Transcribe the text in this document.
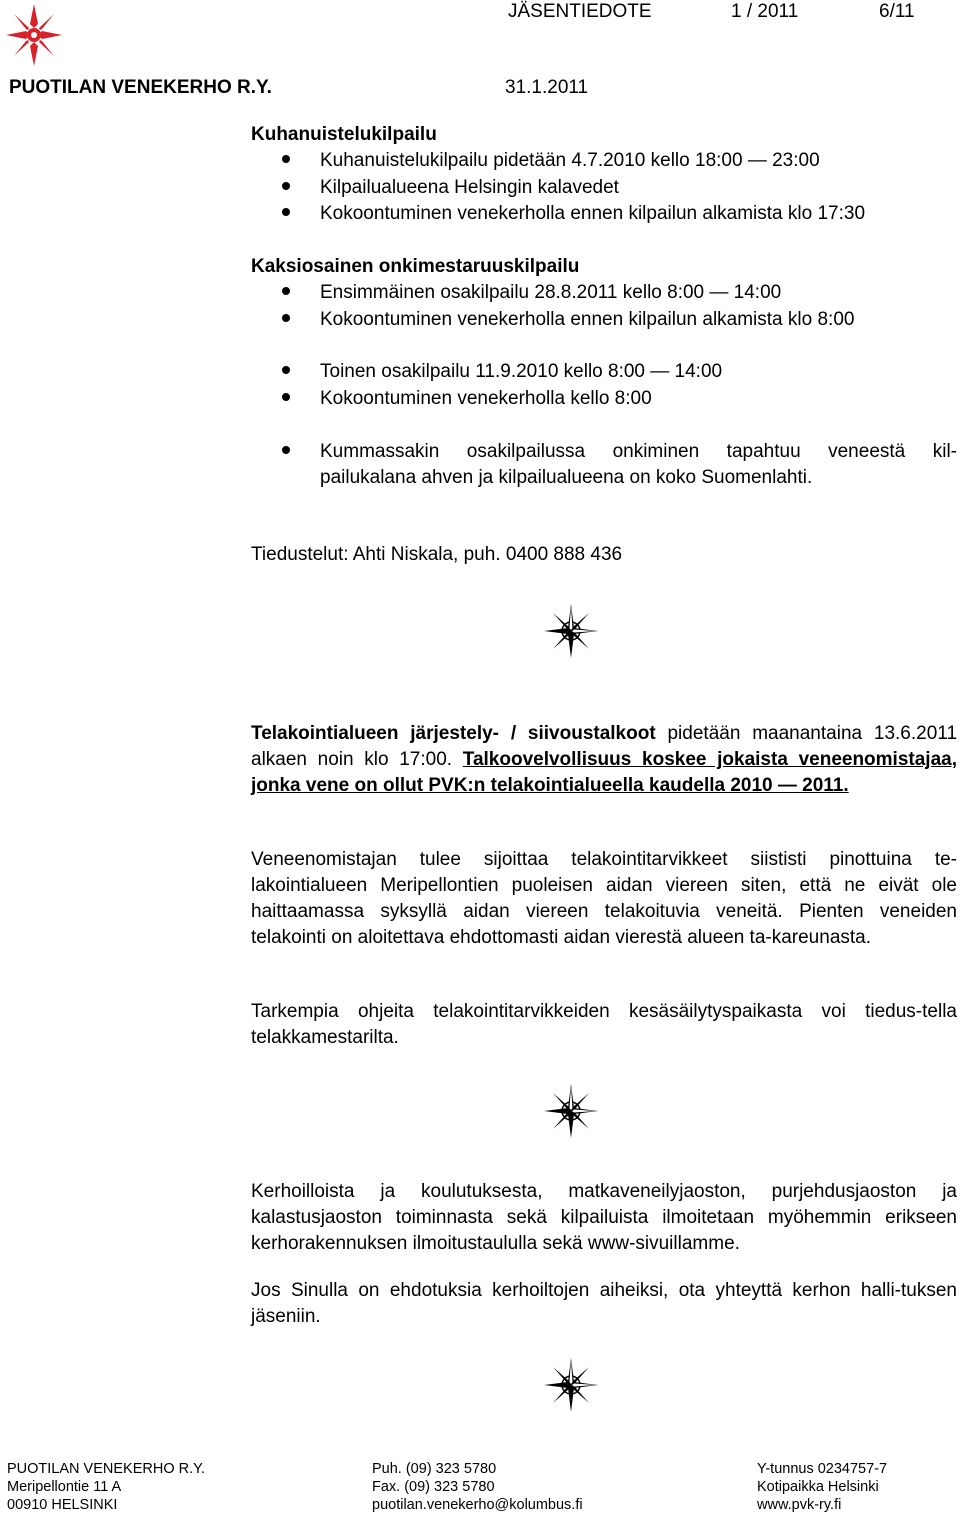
JÄSENTIEDOTE	1 / 2011	6/11
PUOTILAN VENEKERHO R.Y.	31.1.2011
Kuhanuistelukilpailu
Kuhanuistelukilpailu pidetään 4.7.2010 kello 18:00 — 23:00
Kilpailualueena Helsingin kalavedet
Kokoontuminen venekerholla ennen kilpailun alkamista klo 17:30
Kaksiosainen onkimestaruuskilpailu
Ensimmäinen osakilpailu 28.8.2011 kello 8:00 — 14:00
Kokoontuminen venekerholla ennen kilpailun alkamista klo 8:00
Toinen osakilpailu 11.9.2010 kello 8:00 — 14:00
Kokoontuminen venekerholla kello 8:00
Kummassakin osakilpailussa onkiminen tapahtuu veneestä kil-
pailukalana ahven ja kilpailualueena on koko Suomenlahti.
Tiedustelut: Ahti Niskala, puh. 0400 888 436
Telakointialueen järjestely- / siivoustalkoot pidetään maanantaina 13.6.2011 alkaen noin klo 17:00. Talkoovelvollisuus koskee jokaista veneenomistajaa, jonka vene on ollut PVK:n telakointialueella kaudella 2010 — 2011.
Veneenomistajan tulee sijoittaa telakointitarvikkeet siististi pinottuina te-lakointialueen Meripellontien puoleisen aidan viereen siten, että ne eivät ole haittaamassa syksyllä aidan viereen telakoituvia veneitä. Pienten veneiden telakointi on aloitettava ehdottomasti aidan vierestä alueen ta-kareunasta.
Tarkempia ohjeita telakointitarvikkeiden kesäsäilytyspaikasta voi tiedus-tella telakkamestarilta.
Kerhoilloista ja koulutuksesta, matkaveneilyjaoston, purjehdusjaoston ja kalastusjaoston toiminnasta sekä kilpailuista ilmoitetaan myöhemmin erikseen kerhorakennuksen ilmoitustaululla sekä www-sivuillamme.
Jos Sinulla on ehdotuksia kerhoiltojen aiheiksi, ota yhteyttä kerhon halli-tuksen jäseniin.
PUOTILAN VENEKERHO R.Y.
Meripellontie 11 A
00910 HELSINKI
Puh. (09) 323 5780
Fax. (09) 323 5780
puotilan.venekerho@kolumbus.fi
Y-tunnus 0234757-7
Kotipaikka Helsinki
www.pvk-ry.fi
